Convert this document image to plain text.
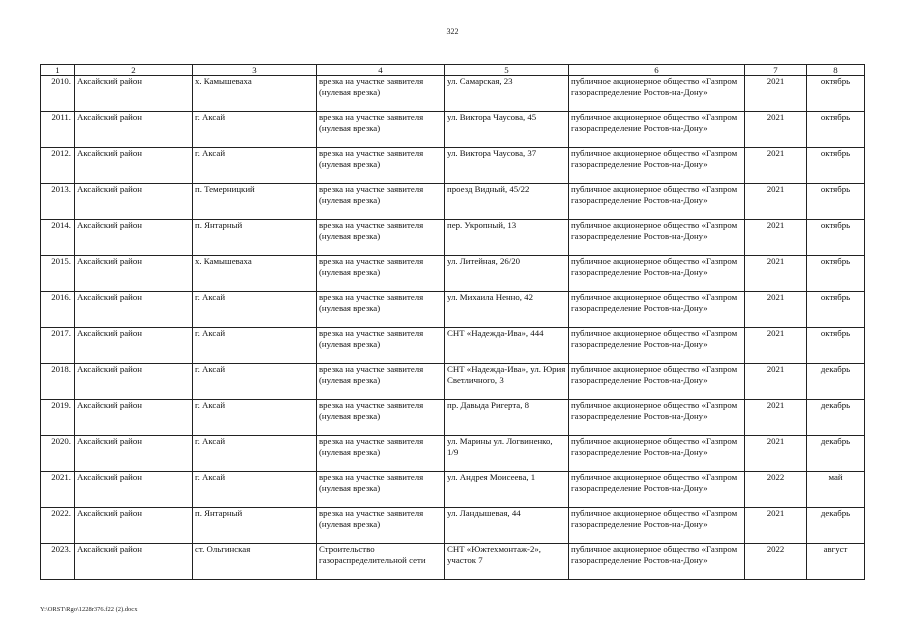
322
1	2	3	4	5	6	7	8
2010.	Аксайский район	х. Камышеваха	врезка на участке заявителя (нулевая врезка)	ул. Самарская, 23	публичное акционерное общество «Газпром газораспределение Ростов-на-Дону»	2021	октябрь
2011.	Аксайский район	г. Аксай	врезка на участке заявителя (нулевая врезка)	ул. Виктора Чаусова, 45	публичное акционерное общество «Газпром газораспределение Ростов-на-Дону»	2021	октябрь
2012.	Аксайский район	г. Аксай	врезка на участке заявителя (нулевая врезка)	ул. Виктора Чаусова, 37	публичное акционерное общество «Газпром газораспределение Ростов-на-Дону»	2021	октябрь
2013.	Аксайский район	п. Темерницкий	врезка на участке заявителя (нулевая врезка)	проезд Видный, 45/22	публичное акционерное общество «Газпром газораспределение Ростов-на-Дону»	2021	октябрь
2014.	Аксайский район	п. Янтарный	врезка на участке заявителя (нулевая врезка)	пер. Укропный, 13	публичное акционерное общество «Газпром газораспределение Ростов-на-Дону»	2021	октябрь
2015.	Аксайский район	х. Камышеваха	врезка на участке заявителя (нулевая врезка)	ул. Литейная, 26/20	публичное акционерное общество «Газпром газораспределение Ростов-на-Дону»	2021	октябрь
2016.	Аксайский район	г. Аксай	врезка на участке заявителя (нулевая врезка)	ул. Михаила Ненно, 42	публичное акционерное общество «Газпром газораспределение Ростов-на-Дону»	2021	октябрь
2017.	Аксайский район	г. Аксай	врезка на участке заявителя (нулевая врезка)	СНТ «Надежда-Ива», 444	публичное акционерное общество «Газпром газораспределение Ростов-на-Дону»	2021	октябрь
2018.	Аксайский район	г. Аксай	врезка на участке заявителя (нулевая врезка)	СНТ «Надежда-Ива», ул. Юрия Светличного, 3	публичное акционерное общество «Газпром газораспределение Ростов-на-Дону»	2021	декабрь
2019.	Аксайский район	г. Аксай	врезка на участке заявителя (нулевая врезка)	пр. Давыда Ригерта, 8	публичное акционерное общество «Газпром газораспределение Ростов-на-Дону»	2021	декабрь
2020.	Аксайский район	г. Аксай	врезка на участке заявителя (нулевая врезка)	ул. Марины ул. Логвиненко, 1/9	публичное акционерное общество «Газпром газораспределение Ростов-на-Дону»	2021	декабрь
2021.	Аксайский район	г. Аксай	врезка на участке заявителя (нулевая врезка)	ул. Андрея Моисеева, 1	публичное акционерное общество «Газпром газораспределение Ростов-на-Дону»	2022	май
2022.	Аксайский район	п. Янтарный	врезка на участке заявителя (нулевая врезка)	ул. Ландышевая, 44	публичное акционерное общество «Газпром газораспределение Ростов-на-Дону»	2021	декабрь
2023.	Аксайский район	ст. Ольгинская	Строительство газораспределительной сети	СНТ «Южтехмонтаж-2», участок 7	публичное акционерное общество «Газпром газораспределение Ростов-на-Дону»	2022	август
Y:\ORST\Rgo\1228r376.f22 (2).docx
